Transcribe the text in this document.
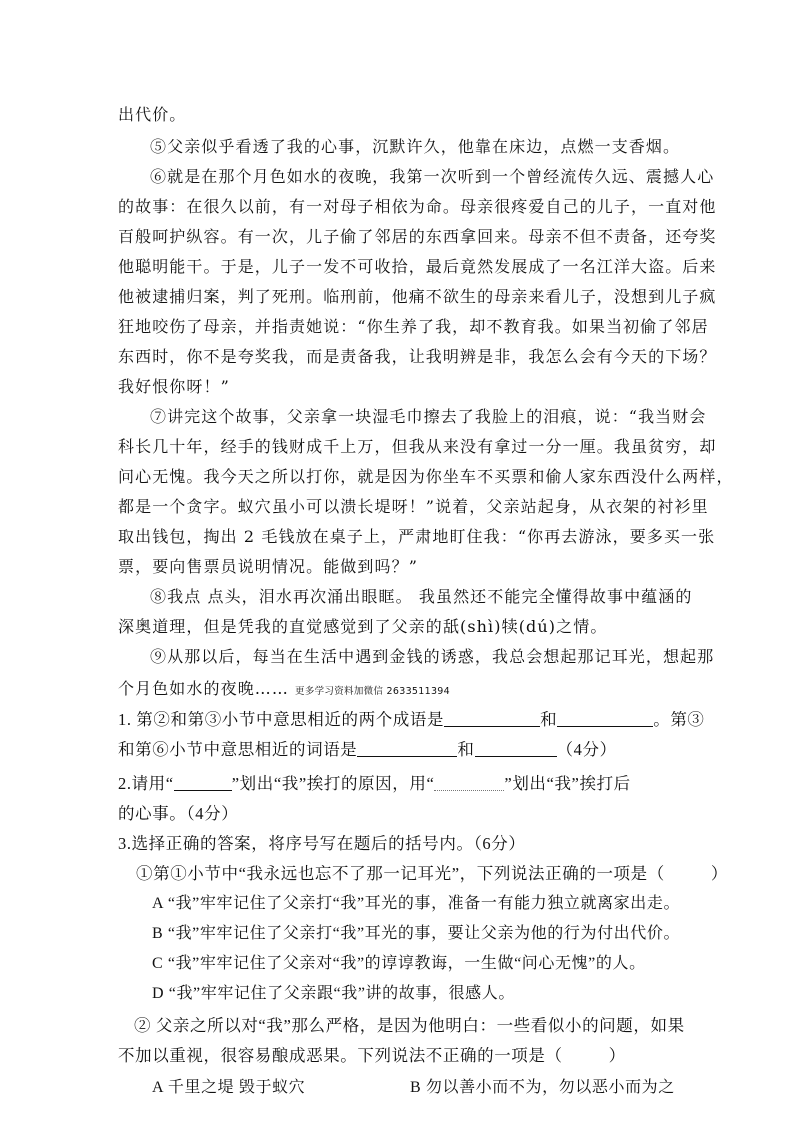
出代价。
⑤父亲似乎看透了我的心事，沉默许久，他靠在床边，点燃一支香烟。
⑥就是在那个月色如水的夜晚，我第一次听到一个曾经流传久远、震撼人心
的故事：在很久以前，有一对母子相依为命。母亲很疼爱自己的儿子，一直对他
百般呵护纵容。有一次，儿子偷了邻居的东西拿回来。母亲不但不责备，还夸奖
他聪明能干。于是，儿子一发不可收拾，最后竟然发展成了一名江洋大盗。后来
他被逮捕归案，判了死刑。临刑前，他痛不欲生的母亲来看儿子，没想到儿子疯
狂地咬伤了母亲，并指责她说：“你生养了我，却不教育我。如果当初偷了邻居
东西时，你不是夸奖我，而是责备我，让我明辨是非，我怎么会有今天的下场？
我好恨你呀！”
⑦讲完这个故事，父亲拿一块湿毛巾擦去了我脸上的泪痕，说：“我当财会
科长几十年，经手的钱财成千上万，但我从来没有拿过一分一厘。我虽贫穷，却
问心无愧。我今天之所以打你，就是因为你坐车不买票和偷人家东西没什么两样，
都是一个贪字。蚁穴虽小可以溃长堤呀！”说着，父亲站起身，从衣架的衬衫里
取出钱包，掏出 2 毛钱放在桌子上，严肃地盯住我：“你再去游泳，要多买一张
票，要向售票员说明情况。能做到吗？”
⑧我点 点头，泪水再次涌出眼眶。 我虽然还不能完全懂得故事中蕴涵的
深奥道理，但是凭我的直觉感觉到了父亲的舐(shì)犊(dú)之情。
⑨从那以后，每当在生活中遇到金钱的诱惑，我总会想起那记耳光，想起那
个月色如水的夜晚…… 更多学习资料加微信 2633511394
1. 第②和第③小节中意思相近的两个成语是	和	。第③
和第⑥小节中意思相近的词语是	和	（4分）
2.请用“	”划出“我”挨打的原因，用“	”划出“我”挨打后
的心事。（4分）
3.选择正确的答案，将序号写在题后的括号内。（6分）
①第①小节中“我永远也忘不了那一记耳光”，下列说法正确的一项是（	）
A “我”牢牢记住了父亲打“我”耳光的事，准备一有能力独立就离家出走。
B “我”牢牢记住了父亲打“我”耳光的事，要让父亲为他的行为付出代价。
C “我”牢牢记住了父亲对“我”的谆谆教诲，一生做“问心无愧”的人。
D “我”牢牢记住了父亲跟“我”讲的故事，很感人。
② 父亲之所以对“我”那么严格，是因为他明白：一些看似小的问题，如果
不加以重视，很容易酿成恶果。下列说法不正确的一项是（	）
A 千里之堤 毁于蚁穴	B 勿以善小而不为，勿以恶小而为之
